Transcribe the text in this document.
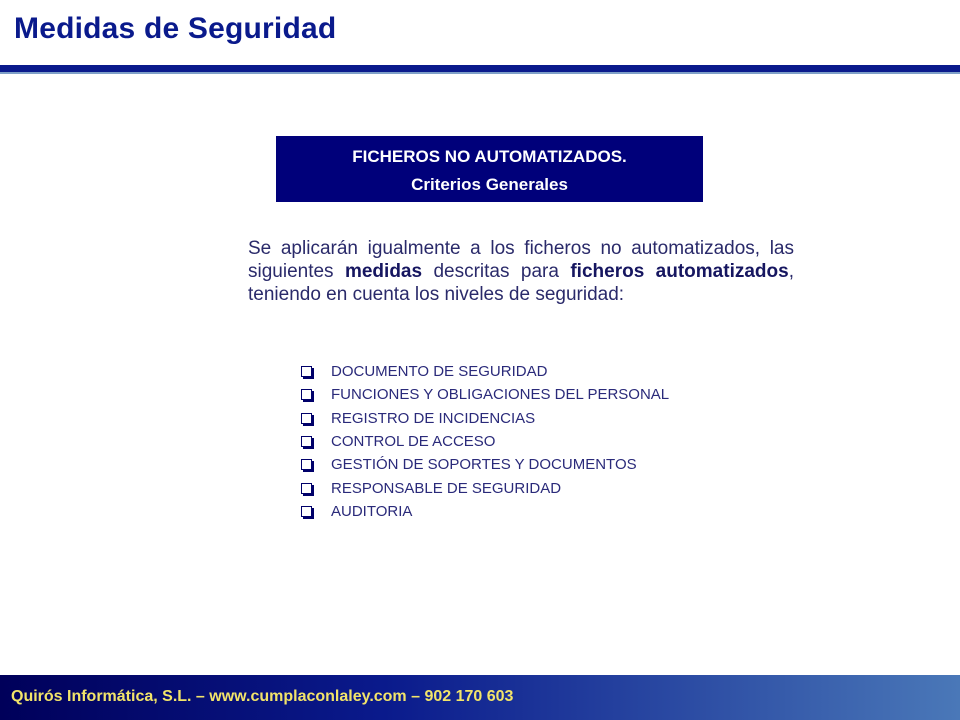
Medidas de Seguridad
FICHEROS NO AUTOMATIZADOS.
Criterios Generales

Se aplicarán igualmente a los ficheros no automatizados, las siguientes medidas descritas para ficheros automatizados, teniendo en cuenta los niveles de seguridad:

DOCUMENTO DE SEGURIDAD
FUNCIONES Y OBLIGACIONES DEL PERSONAL
REGISTRO DE INCIDENCIAS
CONTROL DE ACCESO
GESTIÓN DE SOPORTES Y DOCUMENTOS
RESPONSABLE DE SEGURIDAD
AUDITORIA
Quirós Informática, S.L. – www.cumplaconlaley.com – 902 170 603
